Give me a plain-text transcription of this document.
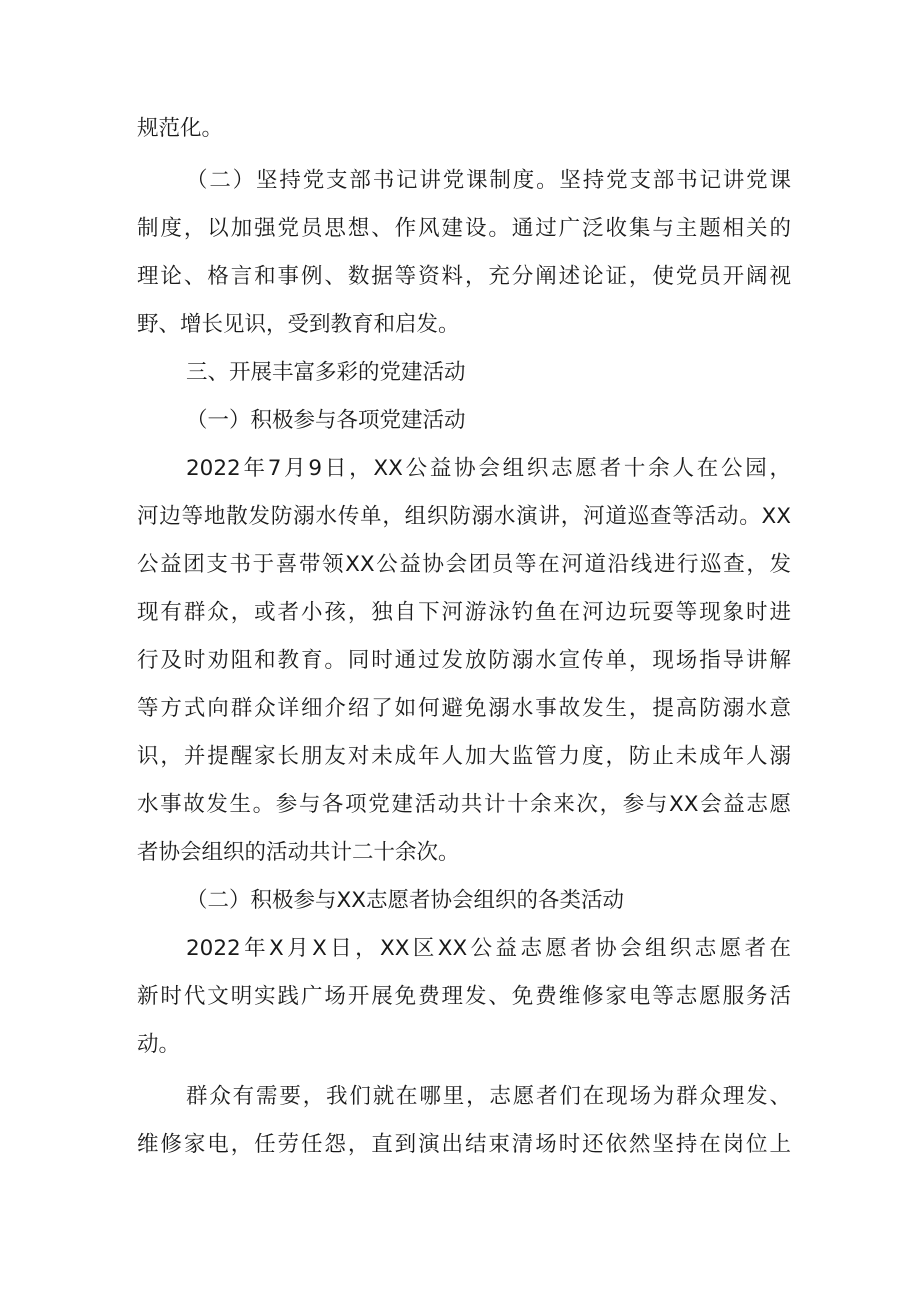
规范化。
（二）坚持党支部书记讲党课制度。坚持党支部书记讲党课
制度，以加强党员思想、作风建设。通过广泛收集与主题相关的
理论、格言和事例、数据等资料，充分阐述论证，使党员开阔视
野、增长见识，受到教育和启发。
三、开展丰富多彩的党建活动
（一）积极参与各项党建活动
2022年7月9日，XX公益协会组织志愿者十余人在公园，
河边等地散发防溺水传单，组织防溺水演讲，河道巡查等活动。XX
公益团支书于喜带领XX公益协会团员等在河道沿线进行巡查，发
现有群众，或者小孩，独自下河游泳钓鱼在河边玩耍等现象时进
行及时劝阻和教育。同时通过发放防溺水宣传单，现场指导讲解
等方式向群众详细介绍了如何避免溺水事故发生，提高防溺水意
识，并提醒家长朋友对未成年人加大监管力度，防止未成年人溺
水事故发生。参与各项党建活动共计十余来次，参与XX会益志愿
者协会组织的活动共计二十余次。
（二）积极参与XX志愿者协会组织的各类活动
2022年X月X日，XX区XX公益志愿者协会组织志愿者在
新时代文明实践广场开展免费理发、免费维修家电等志愿服务活
动。
群众有需要，我们就在哪里，志愿者们在现场为群众理发、
维修家电，任劳任怨，直到演出结束清场时还依然坚持在岗位上
